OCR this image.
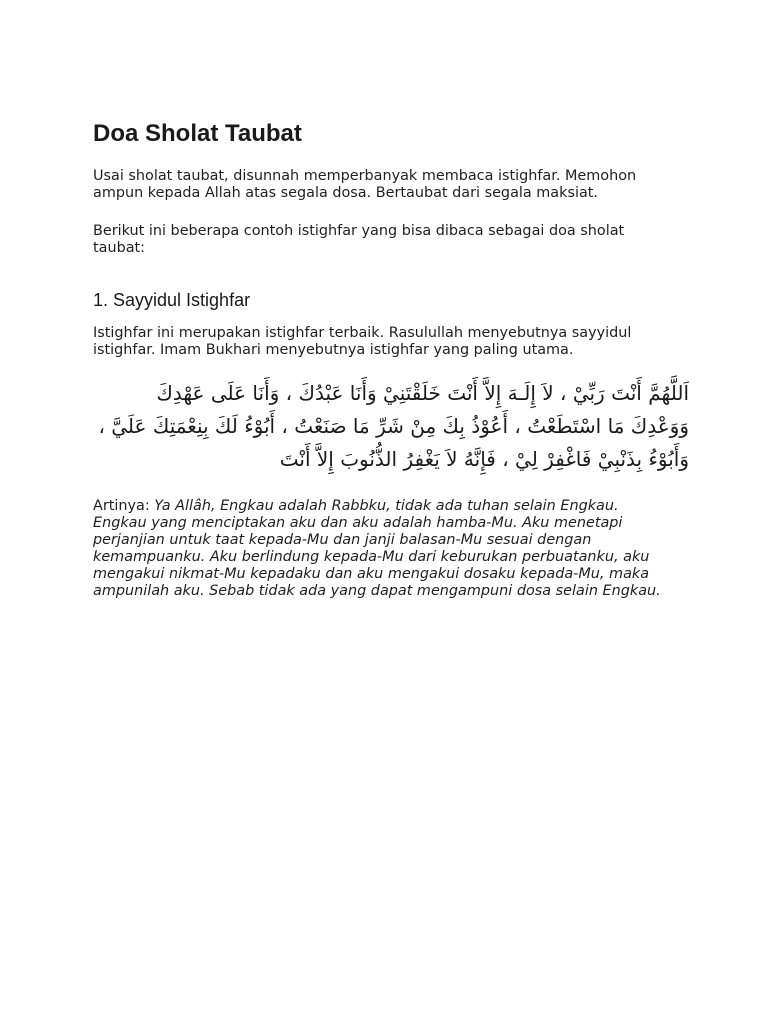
Doa Sholat Taubat

Usai sholat taubat, disunnah memperbanyak membaca istighfar. Memohon ampun kepada Allah atas segala dosa. Bertaubat dari segala maksiat.

Berikut ini beberapa contoh istighfar yang bisa dibaca sebagai doa sholat taubat:

1. Sayyidul Istighfar

Istighfar ini merupakan istighfar terbaik. Rasulullah menyebutnya sayyidul istighfar. Imam Bukhari menyebutnya istighfar yang paling utama.

اَللَّهُمَّ أَنْتَ رَبِّيْ ، لاَ إِلَـهَ إِلاَّ أَنْتَ خَلَقْتَنِيْ وَأَنَا عَبْدُكَ ، وَأَنَا عَلَى عَهْدِكَ وَوَعْدِكَ مَا اسْتَطَعْتُ ، أَعُوْذُ بِكَ مِنْ شَرِّ مَا صَنَعْتُ ، أَبُوْءُ لَكَ بِنِعْمَتِكَ عَلَيَّ ، وَأَبُوْءُ بِذَنْبِيْ فَاغْفِرْ لِيْ ، فَإِنَّهُ لاَ يَغْفِرُ الذُّنُوبَ إِلاَّ أَنْتَ

Artinya: Ya Allâh, Engkau adalah Rabbku, tidak ada tuhan selain Engkau. Engkau yang menciptakan aku dan aku adalah hamba-Mu. Aku menetapi perjanjian untuk taat kepada-Mu dan janji balasan-Mu sesuai dengan kemampuanku. Aku berlindung kepada-Mu dari keburukan perbuatanku, aku mengakui nikmat-Mu kepadaku dan aku mengakui dosaku kepada-Mu, maka ampunilah aku. Sebab tidak ada yang dapat mengampuni dosa selain Engkau.
